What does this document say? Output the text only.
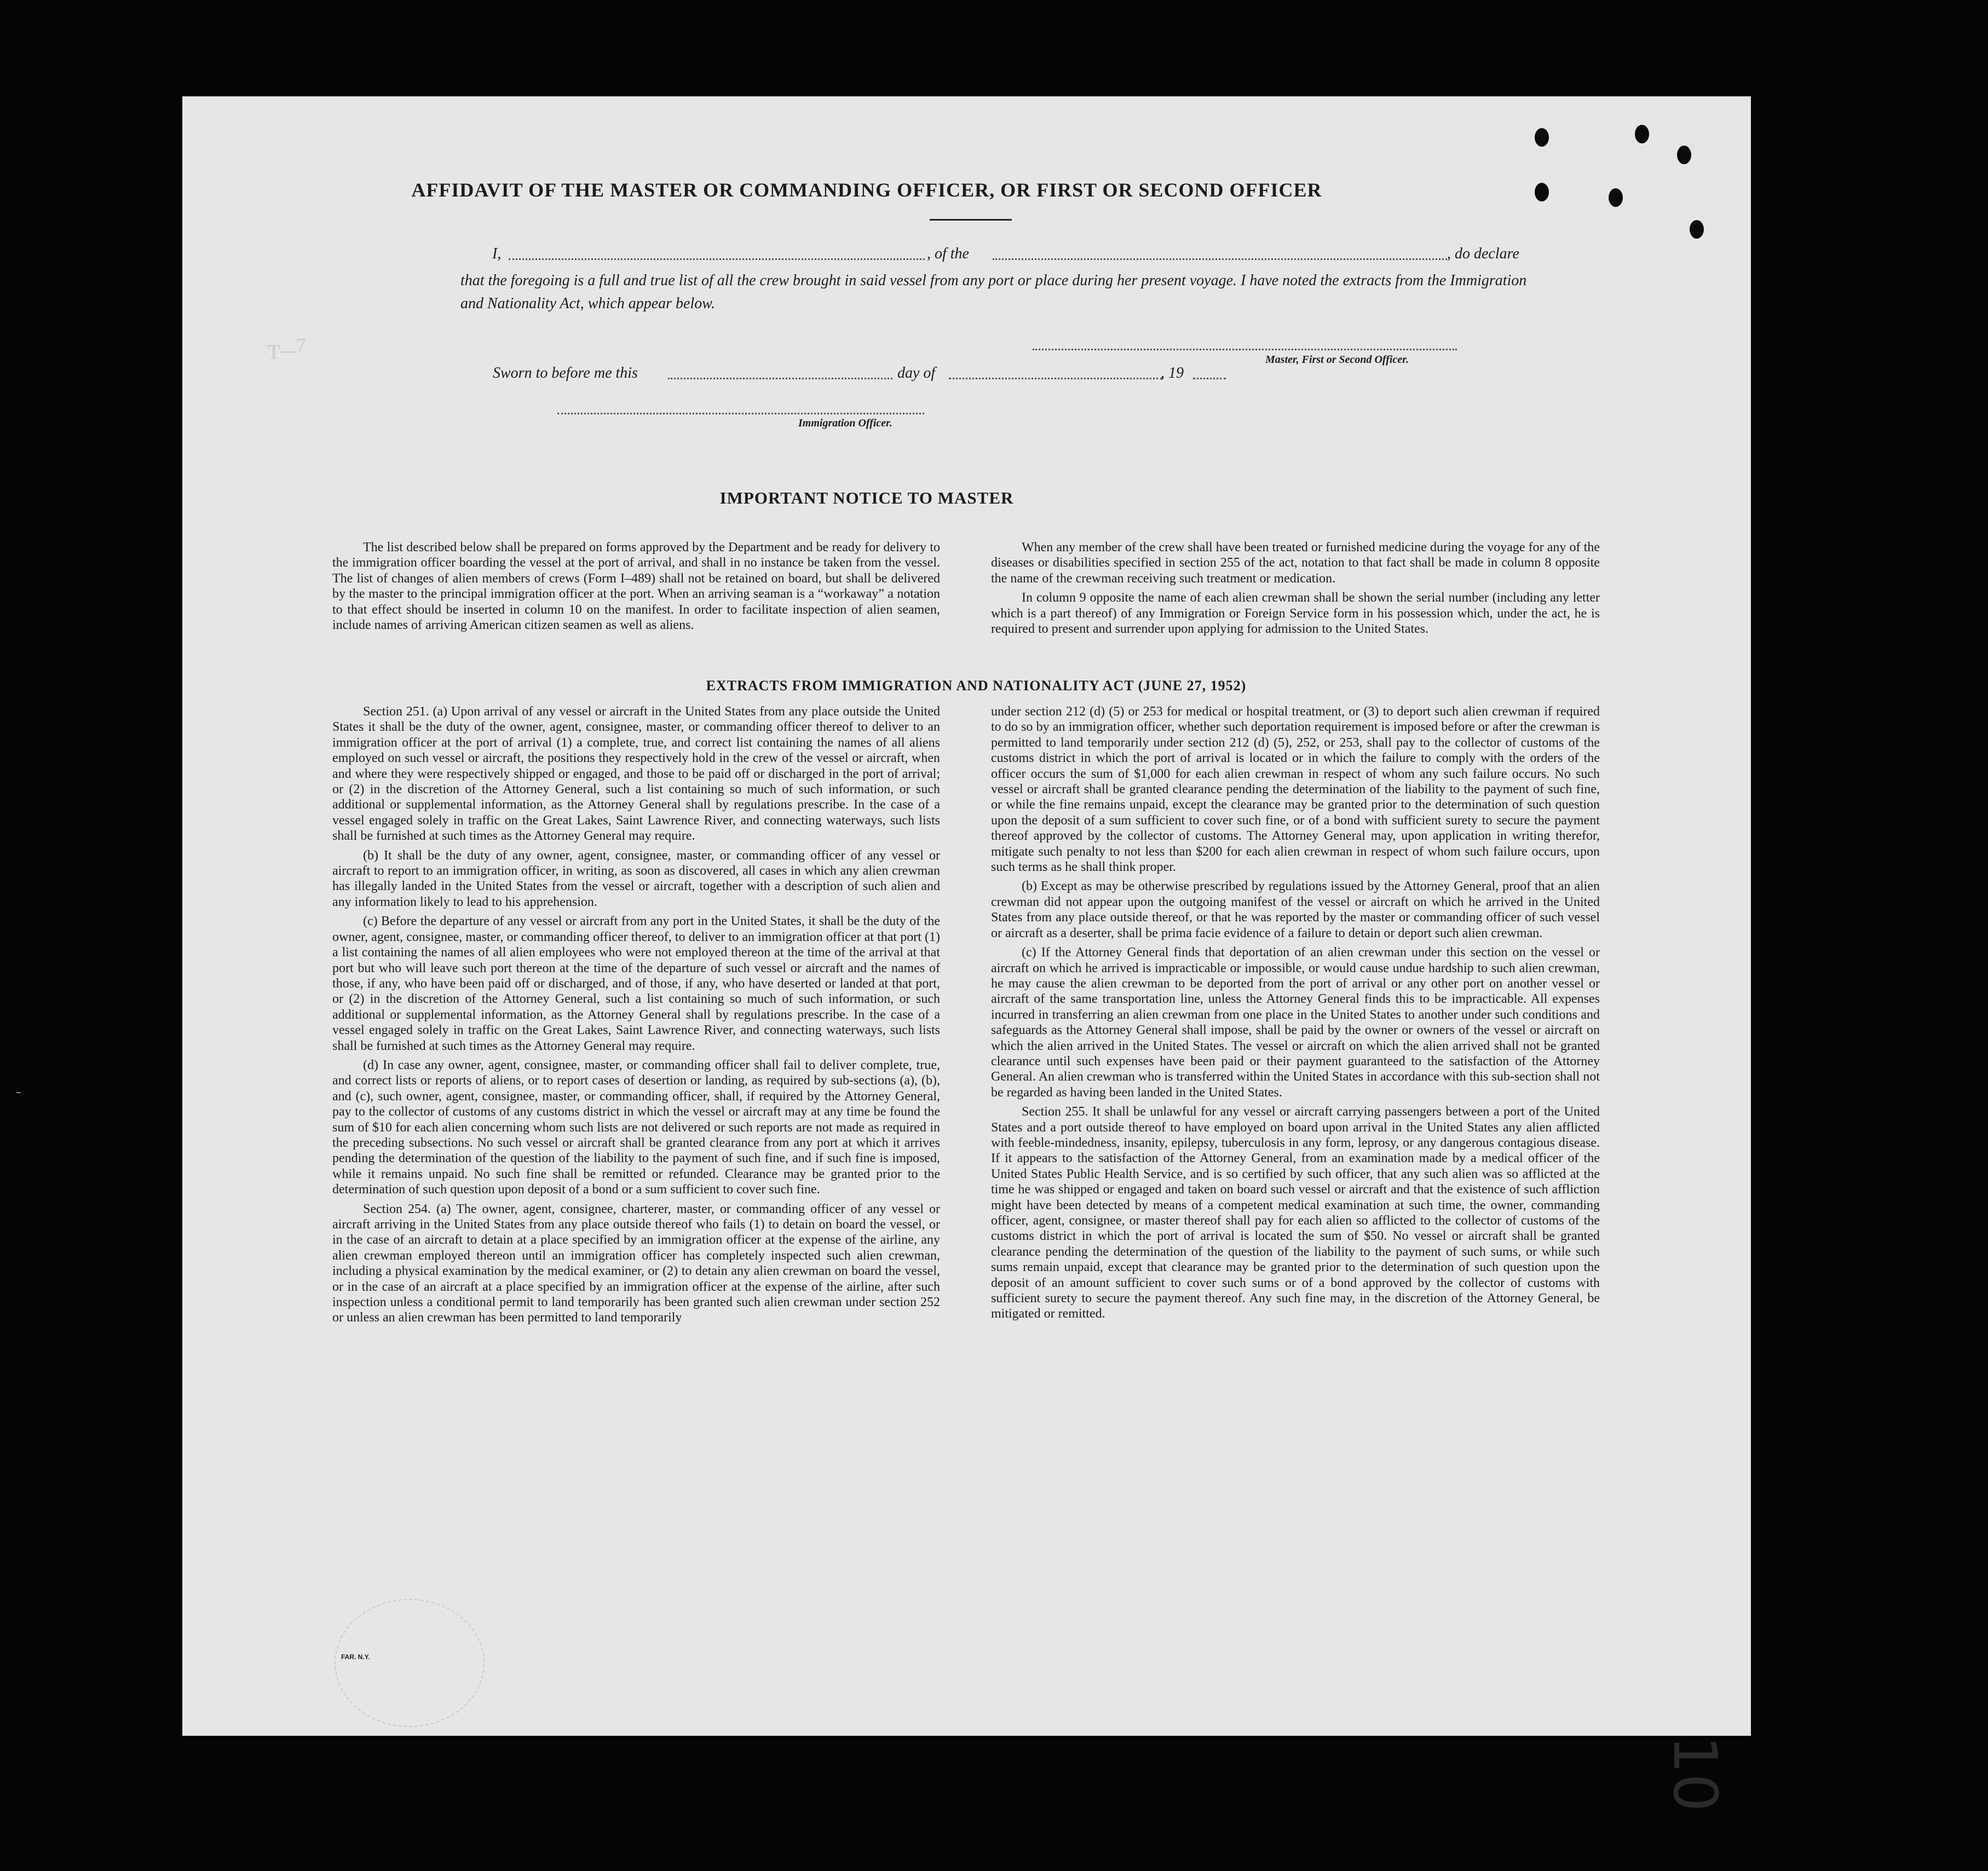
ᴛ‒⁷
AFFIDAVIT OF THE MASTER OR COMMANDING OFFICER, OR FIRST OR SECOND OFFICER
I,	, of the	, do declare
that the foregoing is a full and true list of all the crew brought in said vessel from any port or place during her present voyage. I have noted the extracts from the Immigration and Nationality Act, which appear below.
Master, First or Second Officer.
Sworn to before me this	day of	, 19
Immigration Officer.
IMPORTANT NOTICE TO MASTER

The list described below shall be prepared on forms approved by the Department and be ready for delivery to the immigration officer boarding the vessel at the port of arrival, and shall in no instance be taken from the vessel. The list of changes of alien members of crews (Form I–489) shall not be retained on board, but shall be delivered by the master to the principal immigration officer at the port. When an arriving seaman is a “workaway” a notation to that effect should be inserted in column 10 on the manifest. In order to facilitate inspection of alien seamen, include names of arriving American citizen seamen as well as aliens.

When any member of the crew shall have been treated or furnished medicine during the voyage for any of the diseases or disabilities specified in section 255 of the act, notation to that fact shall be made in column 8 opposite the name of the crewman receiving such treatment or medication.

In column 9 opposite the name of each alien crewman shall be shown the serial number (including any letter which is a part thereof) of any Immigration or Foreign Service form in his possession which, under the act, he is required to present and surrender upon applying for admission to the United States.

EXTRACTS FROM IMMIGRATION AND NATIONALITY ACT (JUNE 27, 1952)

Section 251. (a) Upon arrival of any vessel or aircraft in the United States from any place outside the United States it shall be the duty of the owner, agent, consignee, master, or commanding officer thereof to deliver to an immigration officer at the port of arrival (1) a complete, true, and correct list containing the names of all aliens employed on such vessel or aircraft, the positions they respectively hold in the crew of the vessel or aircraft, when and where they were respectively shipped or engaged, and those to be paid off or discharged in the port of arrival; or (2) in the discretion of the Attorney General, such a list containing so much of such information, or such additional or supplemental information, as the Attorney General shall by regulations prescribe. In the case of a vessel engaged solely in traffic on the Great Lakes, Saint Lawrence River, and connecting waterways, such lists shall be furnished at such times as the Attorney General may require.

(b) It shall be the duty of any owner, agent, consignee, master, or commanding officer of any vessel or aircraft to report to an immigration officer, in writing, as soon as discovered, all cases in which any alien crewman has illegally landed in the United States from the vessel or aircraft, together with a description of such alien and any information likely to lead to his apprehension.

(c) Before the departure of any vessel or aircraft from any port in the United States, it shall be the duty of the owner, agent, consignee, master, or commanding officer thereof, to deliver to an immigration officer at that port (1) a list containing the names of all alien employees who were not employed thereon at the time of the arrival at that port but who will leave such port thereon at the time of the departure of such vessel or aircraft and the names of those, if any, who have been paid off or discharged, and of those, if any, who have deserted or landed at that port, or (2) in the discretion of the Attorney General, such a list containing so much of such information, or such additional or supplemental information, as the Attorney General shall by regulations prescribe. In the case of a vessel engaged solely in traffic on the Great Lakes, Saint Lawrence River, and connecting waterways, such lists shall be furnished at such times as the Attorney General may require.

(d) In case any owner, agent, consignee, master, or commanding officer shall fail to deliver complete, true, and correct lists or reports of aliens, or to report cases of desertion or landing, as required by sub-sections (a), (b), and (c), such owner, agent, consignee, master, or commanding officer, shall, if required by the Attorney General, pay to the collector of customs of any customs district in which the vessel or aircraft may at any time be found the sum of $10 for each alien concerning whom such lists are not delivered or such reports are not made as required in the preceding subsections. No such vessel or aircraft shall be granted clearance from any port at which it arrives pending the determination of the question of the liability to the payment of such fine, and if such fine is imposed, while it remains unpaid. No such fine shall be remitted or refunded. Clearance may be granted prior to the determination of such question upon deposit of a bond or a sum sufficient to cover such fine.

Section 254. (a) The owner, agent, consignee, charterer, master, or commanding officer of any vessel or aircraft arriving in the United States from any place outside thereof who fails (1) to detain on board the vessel, or in the case of an aircraft to detain at a place specified by an immigration officer at the expense of the airline, any alien crewman employed thereon until an immigration officer has completely inspected such alien crewman, including a physical examination by the medical examiner, or (2) to detain any alien crewman on board the vessel, or in the case of an aircraft at a place specified by an immigration officer at the expense of the airline, after such inspection unless a conditional permit to land temporarily has been granted such alien crewman under section 252 or unless an alien crewman has been permitted to land temporarily

under section 212 (d) (5) or 253 for medical or hospital treatment, or (3) to deport such alien crewman if required to do so by an immigration officer, whether such deportation requirement is imposed before or after the crewman is permitted to land temporarily under section 212 (d) (5), 252, or 253, shall pay to the collector of customs of the customs district in which the port of arrival is located or in which the failure to comply with the orders of the officer occurs the sum of $1,000 for each alien crewman in respect of whom any such failure occurs. No such vessel or aircraft shall be granted clearance pending the determination of the liability to the payment of such fine, or while the fine remains unpaid, except the clearance may be granted prior to the determination of such question upon the deposit of a sum sufficient to cover such fine, or of a bond with sufficient surety to secure the payment thereof approved by the collector of customs. The Attorney General may, upon application in writing therefor, mitigate such penalty to not less than $200 for each alien crewman in respect of whom such failure occurs, upon such terms as he shall think proper.

(b) Except as may be otherwise prescribed by regulations issued by the Attorney General, proof that an alien crewman did not appear upon the outgoing manifest of the vessel or aircraft on which he arrived in the United States from any place outside thereof, or that he was reported by the master or commanding officer of such vessel or aircraft as a deserter, shall be prima facie evidence of a failure to detain or deport such alien crewman.

(c) If the Attorney General finds that deportation of an alien crewman under this section on the vessel or aircraft on which he arrived is impracticable or impossible, or would cause undue hardship to such alien crewman, he may cause the alien crewman to be deported from the port of arrival or any other port on another vessel or aircraft of the same transportation line, unless the Attorney General finds this to be impracticable. All expenses incurred in transferring an alien crewman from one place in the United States to another under such conditions and safeguards as the Attorney General shall impose, shall be paid by the owner or owners of the vessel or aircraft on which the alien arrived in the United States. The vessel or aircraft on which the alien arrived shall not be granted clearance until such expenses have been paid or their payment guaranteed to the satisfaction of the Attorney General. An alien crewman who is transferred within the United States in accordance with this sub-section shall not be regarded as having been landed in the United States.

Section 255. It shall be unlawful for any vessel or aircraft carrying passengers between a port of the United States and a port outside thereof to have employed on board upon arrival in the United States any alien afflicted with feeble-mindedness, insanity, epilepsy, tuberculosis in any form, leprosy, or any dangerous contagious disease. If it appears to the satisfaction of the Attorney General, from an examination made by a medical officer of the United States Public Health Service, and is so certified by such officer, that any such alien was so afflicted at the time he was shipped or engaged and taken on board such vessel or aircraft and that the existence of such affliction might have been detected by means of a competent medical examination at such time, the owner, commanding officer, agent, consignee, or master thereof shall pay for each alien so afflicted to the collector of customs of the customs district in which the port of arrival is located the sum of $50. No vessel or aircraft shall be granted clearance pending the determination of the question of the liability to the payment of such sums, or while such sums remain unpaid, except that clearance may be granted prior to the determination of such question upon the deposit of an amount sufficient to cover such sums or of a bond approved by the collector of customs with sufficient surety to secure the payment thereof. Any such fine may, in the discretion of the Attorney General, be mitigated or remitted.

FAR. N.Y.
10
